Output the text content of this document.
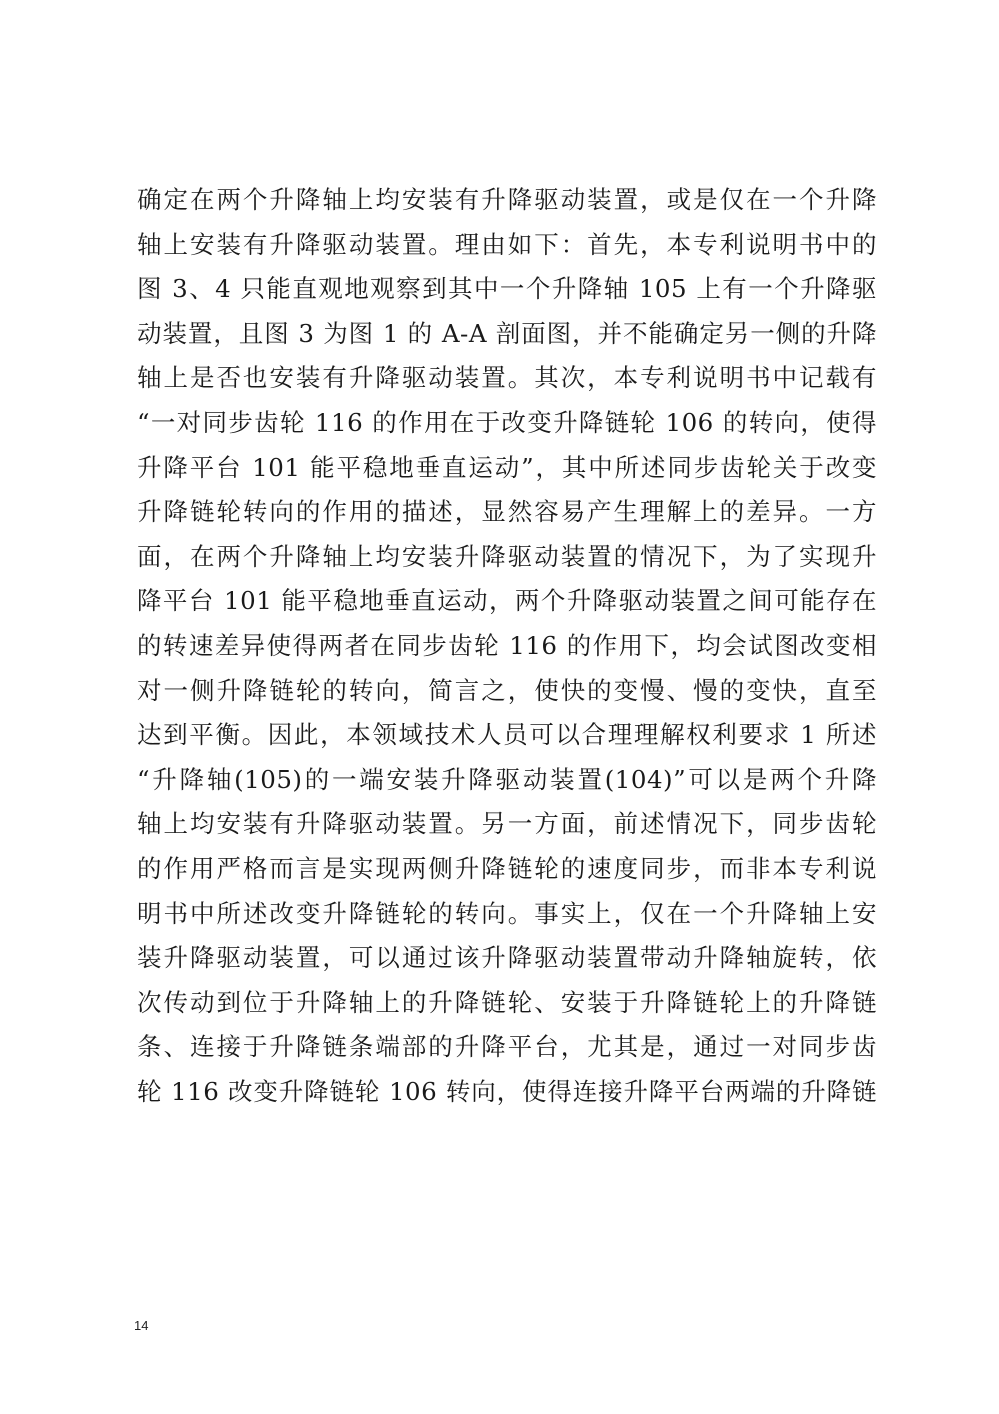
确定在两个升降轴上均安装有升降驱动装置，或是仅在一个升降
轴上安装有升降驱动装置。理由如下：首先，本专利说明书中的
图 3、4 只能直观地观察到其中一个升降轴 105 上有一个升降驱
动装置，且图 3 为图 1 的 A-A 剖面图，并不能确定另一侧的升降
轴上是否也安装有升降驱动装置。其次，本专利说明书中记载有
“一对同步齿轮 116 的作用在于改变升降链轮 106 的转向，使得
升降平台 101 能平稳地垂直运动”，其中所述同步齿轮关于改变
升降链轮转向的作用的描述，显然容易产生理解上的差异。一方
面，在两个升降轴上均安装升降驱动装置的情况下，为了实现升
降平台 101 能平稳地垂直运动，两个升降驱动装置之间可能存在
的转速差异使得两者在同步齿轮 116 的作用下，均会试图改变相
对一侧升降链轮的转向，简言之，使快的变慢、慢的变快，直至
达到平衡。因此，本领域技术人员可以合理理解权利要求 1 所述
“升降轴(105)的一端安装升降驱动装置(104)”可以是两个升降
轴上均安装有升降驱动装置。另一方面，前述情况下，同步齿轮
的作用严格而言是实现两侧升降链轮的速度同步，而非本专利说
明书中所述改变升降链轮的转向。事实上，仅在一个升降轴上安
装升降驱动装置，可以通过该升降驱动装置带动升降轴旋转，依
次传动到位于升降轴上的升降链轮、安装于升降链轮上的升降链
条、连接于升降链条端部的升降平台，尤其是，通过一对同步齿
轮 116 改变升降链轮 106 转向，使得连接升降平台两端的升降链
14
